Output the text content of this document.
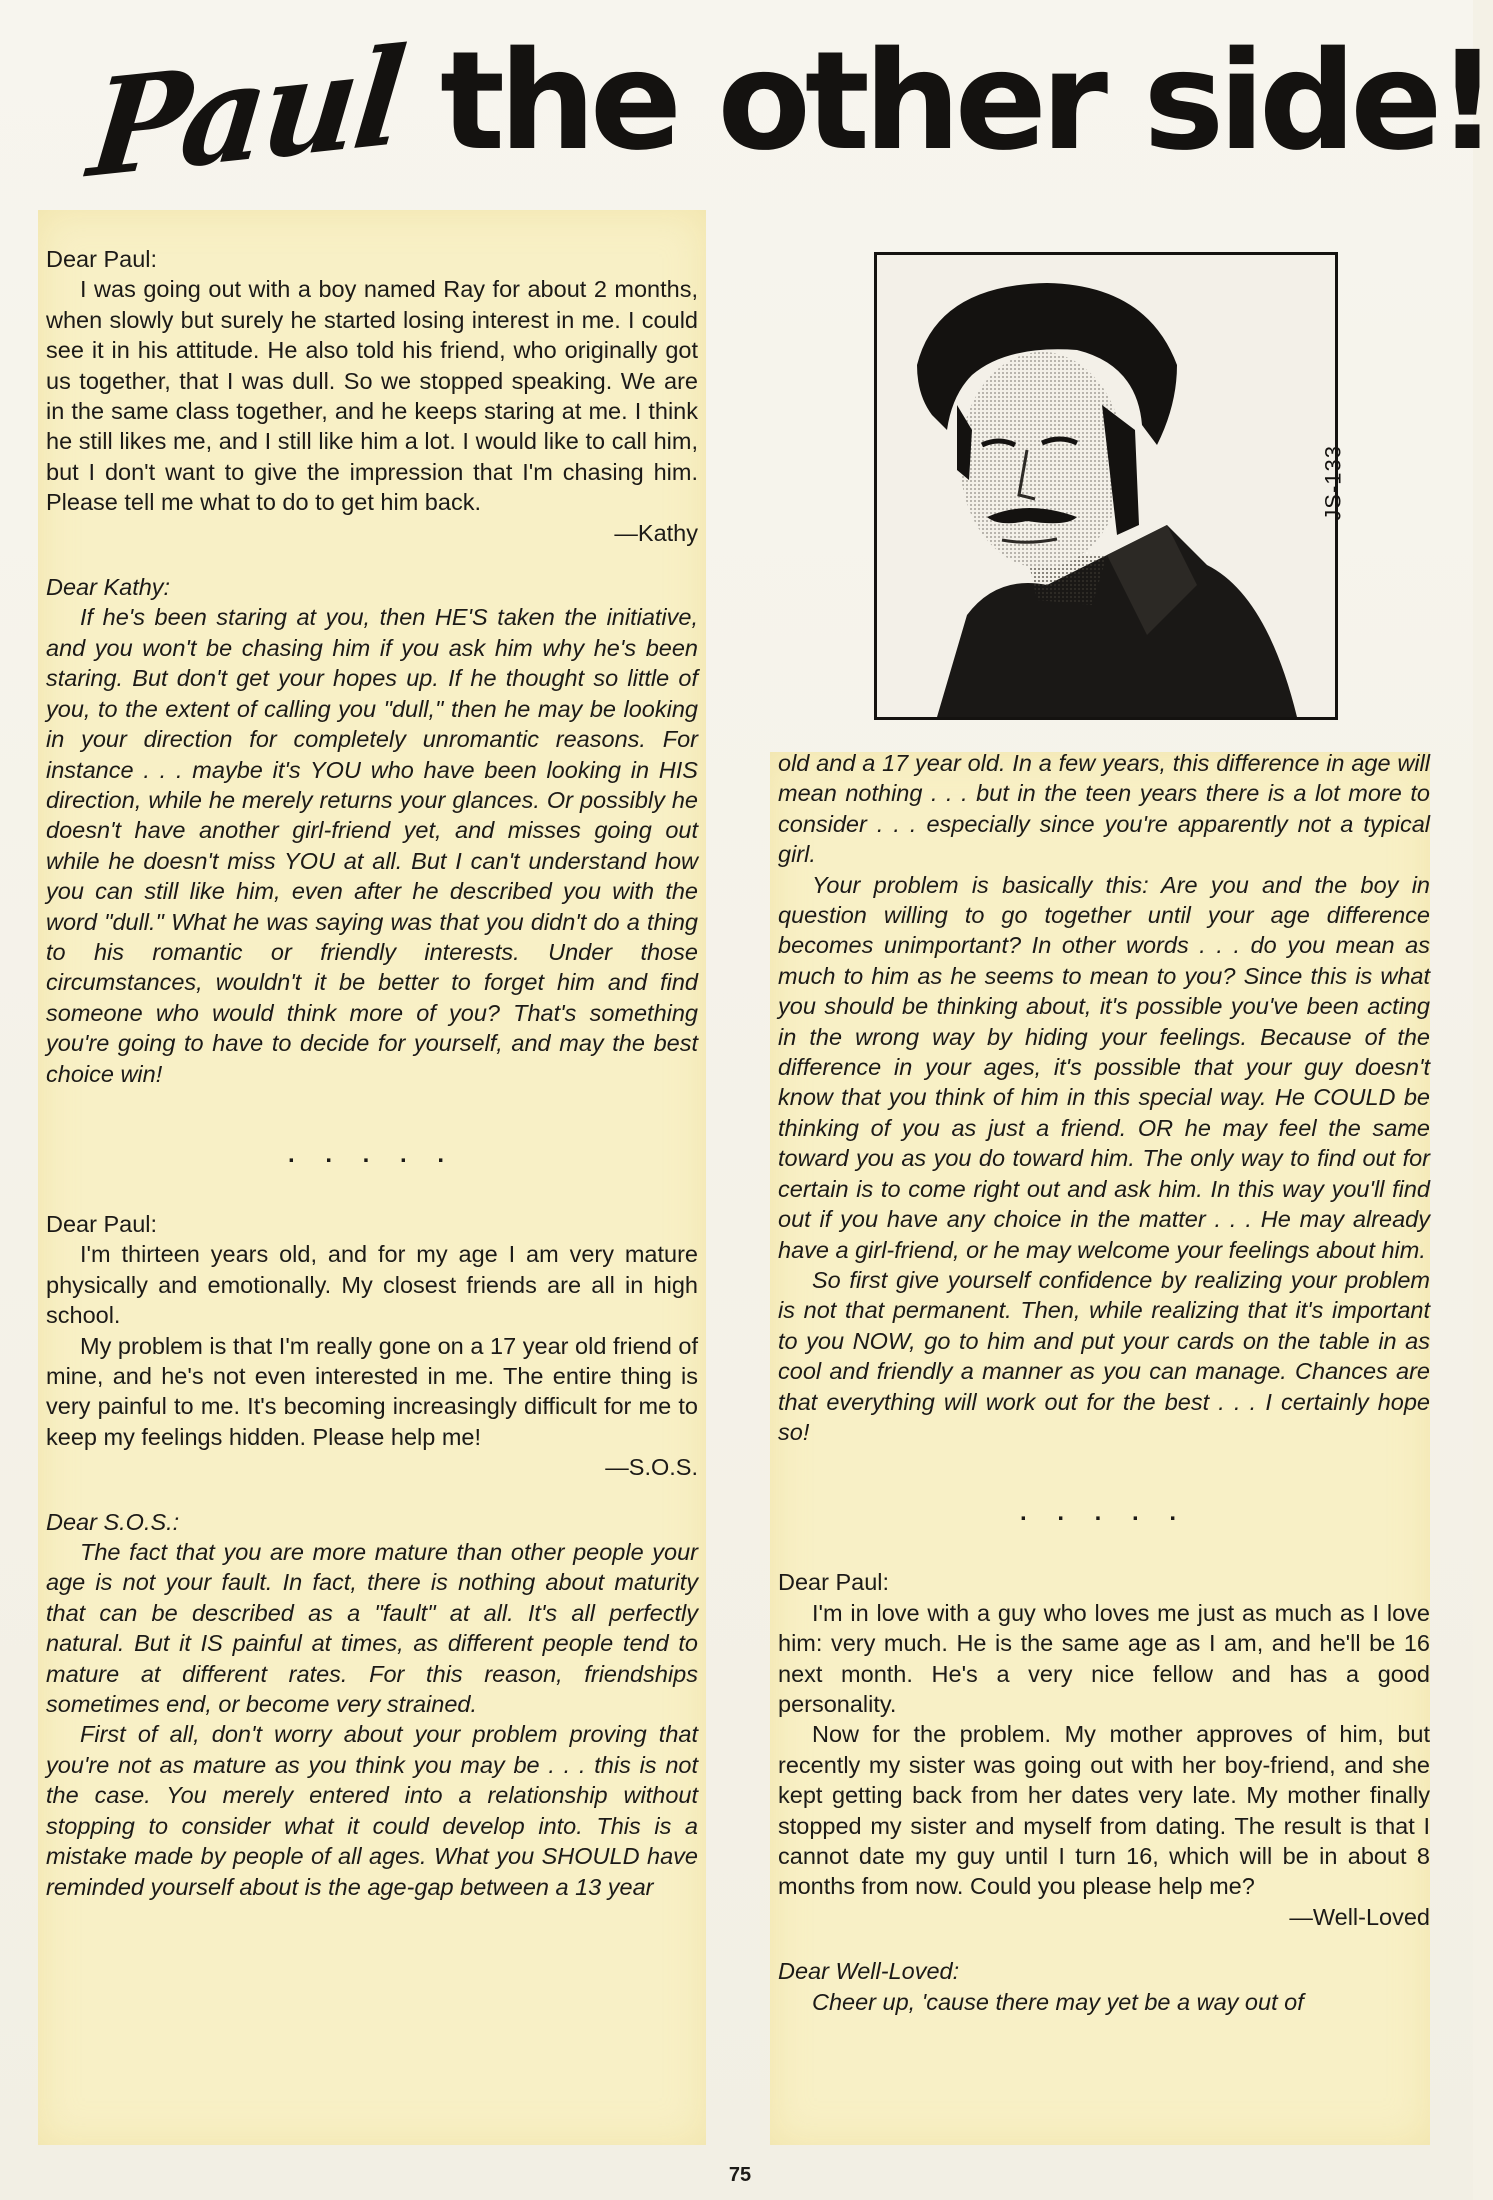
Paul the other side!
JS-133

Dear Paul:

I was going out with a boy named Ray for about 2 months, when slowly but surely he started losing interest in me. I could see it in his attitude. He also told his friend, who originally got us together, that I was dull. So we stopped speaking. We are in the same class together, and he keeps staring at me. I think he still likes me, and I still like him a lot. I would like to call him, but I don't want to give the impression that I'm chasing him. Please tell me what to do to get him back.

—Kathy

Dear Kathy:

If he's been staring at you, then HE'S taken the initiative, and you won't be chasing him if you ask him why he's been staring. But don't get your hopes up. If he thought so little of you, to the extent of calling you "dull," then he may be looking in your direction for completely unromantic reasons. For instance . . . maybe it's YOU who have been looking in HIS direction, while he merely returns your glances. Or possibly he doesn't have another girl-friend yet, and misses going out while he doesn't miss YOU at all. But I can't understand how you can still like him, even after he described you with the word "dull." What he was saying was that you didn't do a thing to his romantic or friendly interests. Under those circumstances, wouldn't it be better to forget him and find someone who would think more of you? That's something you're going to have to decide for yourself, and may the best choice win!

. . . . .

Dear Paul:

I'm thirteen years old, and for my age I am very mature physically and emotionally. My closest friends are all in high school.

My problem is that I'm really gone on a 17 year old friend of mine, and he's not even interested in me. The entire thing is very painful to me. It's becoming increasingly difficult for me to keep my feelings hidden. Please help me!

—S.O.S.

Dear S.O.S.:

The fact that you are more mature than other people your age is not your fault. In fact, there is nothing about maturity that can be described as a "fault" at all. It's all perfectly natural. But it IS painful at times, as different people tend to mature at different rates. For this reason, friendships sometimes end, or become very strained.

First of all, don't worry about your problem proving that you're not as mature as you think you may be . . . this is not the case. You merely entered into a relationship without stopping to consider what it could develop into. This is a mistake made by people of all ages. What you SHOULD have reminded yourself about is the age-gap between a 13 year

old and a 17 year old. In a few years, this difference in age will mean nothing . . . but in the teen years there is a lot more to consider . . . especially since you're apparently not a typical girl.

Your problem is basically this: Are you and the boy in question willing to go together until your age difference becomes unimportant? In other words . . . do you mean as much to him as he seems to mean to you? Since this is what you should be thinking about, it's possible you've been acting in the wrong way by hiding your feelings. Because of the difference in your ages, it's possible that your guy doesn't know that you think of him in this special way. He COULD be thinking of you as just a friend. OR he may feel the same toward you as you do toward him. The only way to find out for certain is to come right out and ask him. In this way you'll find out if you have any choice in the matter . . . He may already have a girl-friend, or he may welcome your feelings about him.

So first give yourself confidence by realizing your problem is not that permanent. Then, while realizing that it's important to you NOW, go to him and put your cards on the table in as cool and friendly a manner as you can manage. Chances are that everything will work out for the best . . . I certainly hope so!

. . . . .

Dear Paul:

I'm in love with a guy who loves me just as much as I love him: very much. He is the same age as I am, and he'll be 16 next month. He's a very nice fellow and has a good personality.

Now for the problem. My mother approves of him, but recently my sister was going out with her boy-friend, and she kept getting back from her dates very late. My mother finally stopped my sister and myself from dating. The result is that I cannot date my guy until I turn 16, which will be in about 8 months from now. Could you please help me?

—Well-Loved

Dear Well-Loved:

Cheer up, 'cause there may yet be a way out of

75
